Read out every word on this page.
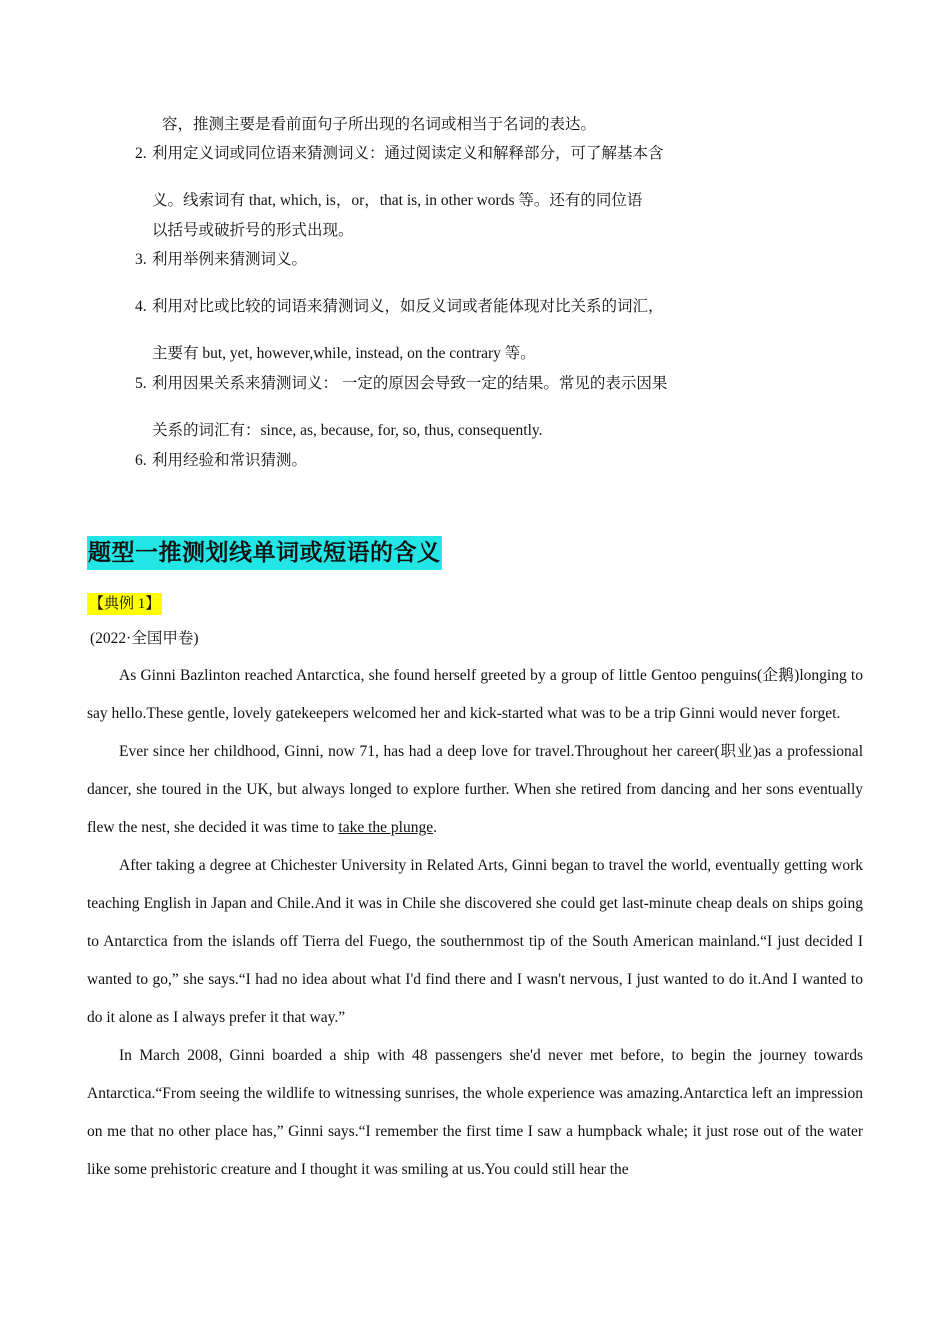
容，推测主要是看前面句子所出现的名词或相当于名词的表达。
2. 利用定义词或同位语来猜测词义：通过阅读定义和解释部分，可了解基本含
义。线索词有 that, which, is，or，that is, in other words 等。还有的同位语
以括号或破折号的形式出现。
3. 利用举例来猜测词义。
4. 利用对比或比较的词语来猜测词义，如反义词或者能体现对比关系的词汇，
主要有 but, yet, however,while, instead, on the contrary 等。
5. 利用因果关系来猜测词义： 一定的原因会导致一定的结果。常见的表示因果
关系的词汇有：since, as, because, for, so, thus, consequently.
6. 利用经验和常识猜测。
题型一推测划线单词或短语的含义
【典例 1】
(2022·全国甲卷)

As Ginni Bazlinton reached Antarctica, she found herself greeted by a group of little Gentoo penguins(企鹅)longing to say hello.These gentle, lovely gatekeepers welcomed her and kick-started what was to be a trip Ginni would never forget.

Ever since her childhood, Ginni, now 71, has had a deep love for travel.Throughout her career(职业)as a professional dancer, she toured in the UK, but always longed to explore further. When she retired from dancing and her sons eventually flew the nest, she decided it was time to take the plunge.

After taking a degree at Chichester University in Related Arts, Ginni began to travel the world, eventually getting work teaching English in Japan and Chile.And it was in Chile she discovered she could get last-minute cheap deals on ships going to Antarctica from the islands off Tierra del Fuego, the southernmost tip of the South American mainland.“I just decided I wanted to go,” she says.“I had no idea about what I'd find there and I wasn't nervous, I just wanted to do it.And I wanted to do it alone as I always prefer it that way.”

In March 2008, Ginni boarded a ship with 48 passengers she'd never met before, to begin the journey towards Antarctica.“From seeing the wildlife to witnessing sunrises, the whole experience was amazing.Antarctica left an impression on me that no other place has,” Ginni says.“I remember the first time I saw a humpback whale; it just rose out of the water like some prehistoric creature and I thought it was smiling at us.You could still hear the
